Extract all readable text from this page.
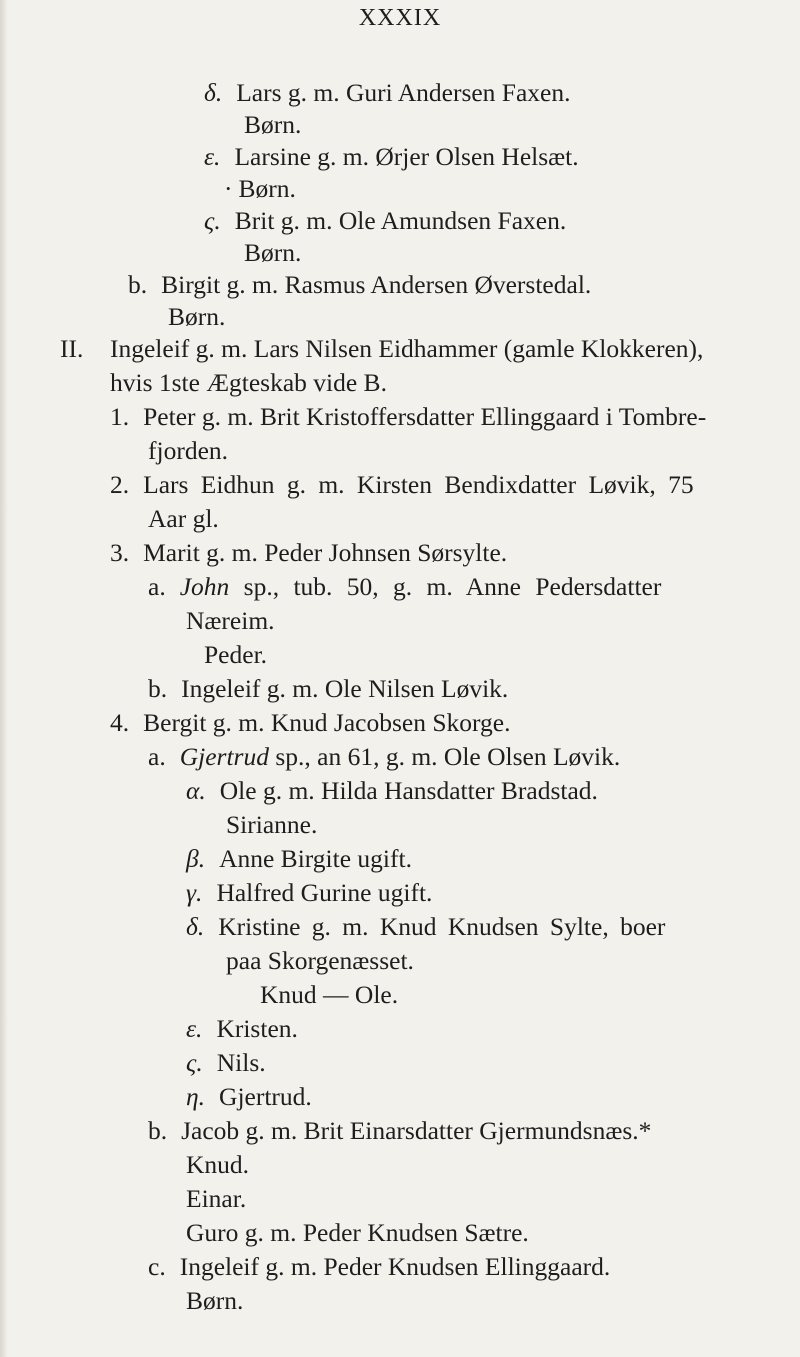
XXXIX
δ. Lars g. m. Guri Andersen Faxen.
Børn.
ε. Larsine g. m. Ørjer Olsen Helsæt.
· Børn.
ς. Brit g. m. Ole Amundsen Faxen.
Børn.
b. Birgit g. m. Rasmus Andersen Øverstedal.
Børn.
II. Ingeleif g. m. Lars Nilsen Eidhammer (gamle Klokkeren),
hvis 1ste Ægteskab vide B.
1. Peter g. m. Brit Kristoffersdatter Ellinggaard i Tombre-
fjorden.
2. Lars Eidhun g. m. Kirsten Bendixdatter Løvik, 75
Aar gl.
3. Marit g. m. Peder Johnsen Sørsylte.
a. John sp., tub. 50, g. m. Anne Pedersdatter
Næreim.
Peder.
b. Ingeleif g. m. Ole Nilsen Løvik.
4. Bergit g. m. Knud Jacobsen Skorge.
a. Gjertrud sp., an 61, g. m. Ole Olsen Løvik.
α. Ole g. m. Hilda Hansdatter Bradstad.
Sirianne.
β. Anne Birgite ugift.
γ. Halfred Gurine ugift.
δ. Kristine g. m. Knud Knudsen Sylte, boer
paa Skorgenæsset.
Knud — Ole.
ε. Kristen.
ς. Nils.
η. Gjertrud.
b. Jacob g. m. Brit Einarsdatter Gjermundsnæs.*
Knud.
Einar.
Guro g. m. Peder Knudsen Sætre.
c. Ingeleif g. m. Peder Knudsen Ellinggaard.
Børn.
